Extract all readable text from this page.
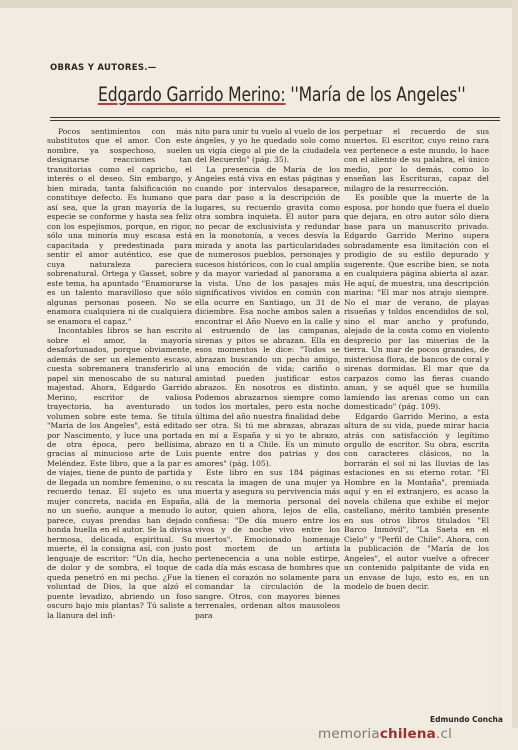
OBRAS Y AUTORES.—
Edgardo Garrido Merino: ''María de los Angeles''

Pocos sentimientos con más substitutos que el amor. Con este nombre, ya sospechoso, suelen designarse reacciones tan transitorias como el capricho, el interés o el deseo. Sin embargo, y bien mirada, tanta falsificación no constituye defecto. Es humano que así sea, que la gran mayoría de la especie se conforme y hasta sea feliz con los espejismos, porque, en rigor, sólo una minoría muy escasa está capacitada y predestinada para sentir el amor auténtico, ese que cuya naturaleza pareciera sobrenatural. Ortega y Gasset, sobre este tema, ha apuntado "Enamorarse es un talento maravilloso que sólo algunas personas poseen. No se enamora cualquiera ni de cualquiera se enamora el capaz."

Incontables libros se han escrito sobre el amor, la mayoría desafortunados, porque obviamente, además de ser un elemento escaso, cuesta sobremanera transferirlo al papel sin menoscabo de su natural majestad. Ahora, Edgardo Garrido Merino, escritor de valiosa trayectoria, ha aventurado un volumen sobre este tema. Se titula "María de los Angeles", está editado por Nascimento, y luce una portada de otra época, pero bellísima, gracias al minucioso arte de Luis Meléndez. Este libro, que a la par es de viajes, tiene de punto de partida y de llegada un nombre femenino, o su recuerdo tenaz. El sujeto es una mujer concreta, nacida en España, no un sueño, aunque a menudo lo parece, cuyas prendas han dejado honda huella en el autor. Se la divisa hermosa, delicada, espiritual. Su muerte, él la consigna así, con justo lenguaje de escritor: "Un día, hecho de dolor y de sombra, el toque de queda penetró en mi pecho. ¿Fue la voluntad de Dios, la que alzó el puente levadizo, abriendo un foso oscuro bajo mis plantas? Tú saliste a la llanura del infi-

nito para unir tu vuelo al vuelo de los ángeles, y yo he quedado solo como un vigía ciego al pie de la ciudadela del Recuerdo" (pág. 35).

La presencia de María de los Angeles está viva en estas páginas y cuando por intervalos desaparece, para dar paso a la descripción de lugares, su recuerdo gravita como otra sombra inquieta. El autor para no pecar de exclusivista y redundar en la monotonía, a veces desvía la mirada y anota las particularidades de numerosos pueblos, personajes y sucesos históricos, con lo cual amplía y da mayor variedad al panorama a la vista. Uno de los pasajes más significativos vividos en común con ella ocurre en Santiago, un 31 de diciembre. Esa noche ambos salen a encontrar el Año Nuevo en la calle y al estruendo de las campanas, sirenas y pitos se abrazan. Ella en esos momentos le dice: "Todos se abrazan buscando un pecho amigo, una emoción de vida; cariño o amistad pueden justificar estos abrazos. En nosotros es distinto. Podemos abrazarnos siempre como todos los mortales, pero esta noche última del año nuestra finalidad debe ser otra. Si tú me abrazas, abrazas en mí a España y si yo te abrazo, abrazo en ti a Chile. Es un minuto puente entre dos patrias y dos amores" (pág. 105).

Este libro en sus 184 páginas rescata la imagen de una mujer ya muerta y asegura su pervivencia más allá de la memoria personal del autor, quien ahora, lejos de ella, confiesa: "De día muero entre los vivos y de noche vivo entre los muertos". Emocionado homenaje post mortem de un artista pertenecencia a una noble estirpe, cada día más escasa de hombres que tienen el corazón no solamente para comandar la circulación de la sangre. Otros, con mayores bienes terrenales, ordenan altos mausoleos para

perpetuar el recuerdo de sus muertos. El escritor, cuyo reino rara vez pertenece a este mundo, lo hace con el aliento de su palabra, el único medio, por lo demás, como lo enseñan las Escrituras, capaz del milagro de la resurrección.

Es posible que la muerte de la esposa, por hondo que fuera el duelo que dejara, en otro autor sólo diera base para un manuscrito privado. Edgardo Garrido Merino supera sobradamente esa limitación con el prodigio de su estilo depurado y sugerente. Que escribe bien, se nota en cualquiera página abierta al azar. He aquí, de muestra, una descripción marina: "El mar nos atrajo siempre. No el mar de verano, de playas risueñas y toldos encendidos de sol, sino el mar ancho y profundo, alejado de la costa como en violento desprecio por las miserias de la tierra. Un mar de pocos grandes, de misteriosa flora, de bancos de coral y sirenas dormidas. El mar que da carpazos como las fieras cuando aman, y se aquél que se humilla lamiendo las arenas como un can domesticado" (pág. 109).

Edgardo Garrido Merino, a esta altura de su vida, puede mirar hacia atrás con satisfacción y legítimo orgullo de escritor. Su obra, escrita con caracteres clásicos, no la borrarán el sol ni las lluvias de las estaciones en su eterno rotar. "El Hombre en la Montaña", premiada aquí y en el extranjero, es acaso la novela chilena que exhibe el mejor castellano, mérito también presente en sus otros libros titulados "El Barco Inmóvil", "La Saeta en el Cielo" y "Perfil de Chile". Ahora, con la publicación de "María de los Angeles", el autor vuelve a ofrecer un contenido palpitante de vida en un envase de lujo, esto es, en un modelo de buen decir.

Edmundo Concha
memoriachilena.cl
